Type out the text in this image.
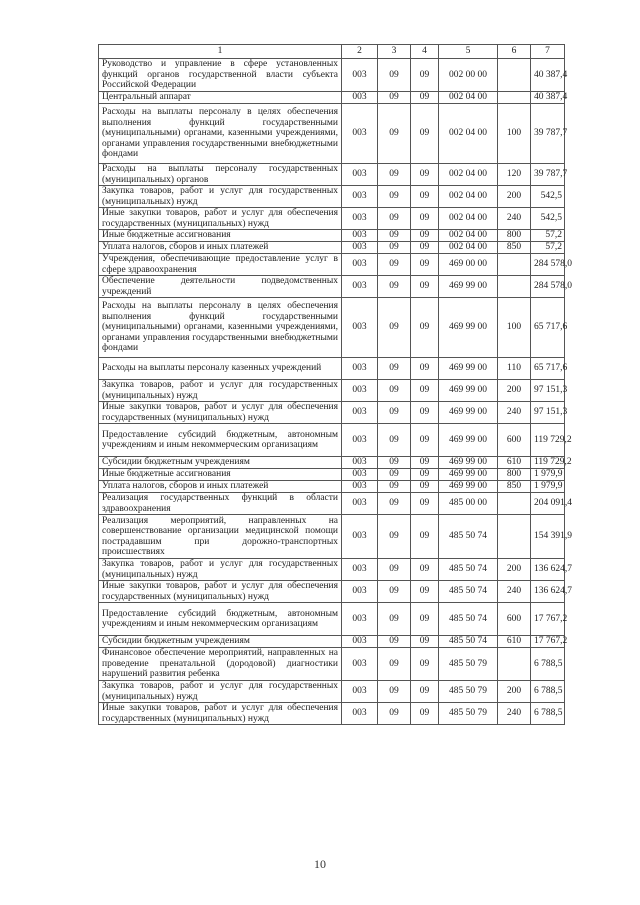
1	2	3	4	5	6	7
Руководство и управление в сфере установленных функций органов государственной власти субъекта Российской Федерации	003	09	09	002 00 00		40 387,4
Центральный аппарат	003	09	09	002 04 00		40 387,4
Расходы на выплаты персоналу в целях обеспечения выполнения функций государственными (муниципальными) органами, казенными учреждениями, органами управления государственными внебюджетными фондами	003	09	09	002 04 00	100	39 787,7
Расходы на выплаты персоналу государственных (муниципальных) органов	003	09	09	002 04 00	120	39 787,7
Закупка товаров, работ и услуг для государственных (муниципальных) нужд	003	09	09	002 04 00	200	542,5
Иные закупки товаров, работ и услуг для обеспечения государственных (муниципальных) нужд	003	09	09	002 04 00	240	542,5
Иные бюджетные ассигнования	003	09	09	002 04 00	800	57,2
Уплата налогов, сборов и иных платежей	003	09	09	002 04 00	850	57,2
Учреждения, обеспечивающие предоставление услуг в сфере здравоохранения	003	09	09	469 00 00		284 578,0
Обеспечение деятельности подведомственных учреждений	003	09	09	469 99 00		284 578,0
Расходы на выплаты персоналу в целях обеспечения выполнения функций государственными (муниципальными) органами, казенными учреждениями, органами управления государственными внебюджетными фондами	003	09	09	469 99 00	100	65 717,6
Расходы на выплаты персоналу казенных учреждений	003	09	09	469 99 00	110	65 717,6
Закупка товаров, работ и услуг для государственных (муниципальных) нужд	003	09	09	469 99 00	200	97 151,3
Иные закупки товаров, работ и услуг для обеспечения государственных (муниципальных) нужд	003	09	09	469 99 00	240	97 151,3
Предоставление субсидий бюджетным, автономным учреждениям и иным некоммерческим организациям	003	09	09	469 99 00	600	119 729,2
Субсидии бюджетным учреждениям	003	09	09	469 99 00	610	119 729,2
Иные бюджетные ассигнования	003	09	09	469 99 00	800	1 979,9
Уплата налогов, сборов и иных платежей	003	09	09	469 99 00	850	1 979,9
Реализация государственных функций в области здравоохранения	003	09	09	485 00 00		204 091,4
Реализация мероприятий, направленных на совершенствование организации медицинской помощи пострадавшим при дорожно-транспортных происшествиях	003	09	09	485 50 74		154 391,9
Закупка товаров, работ и услуг для государственных (муниципальных) нужд	003	09	09	485 50 74	200	136 624,7
Иные закупки товаров, работ и услуг для обеспечения государственных (муниципальных) нужд	003	09	09	485 50 74	240	136 624,7
Предоставление субсидий бюджетным, автономным учреждениям и иным некоммерческим организациям	003	09	09	485 50 74	600	17 767,2
Субсидии бюджетным учреждениям	003	09	09	485 50 74	610	17 767,2
Финансовое обеспечение мероприятий, направленных на проведение пренатальной (дородовой) диагностики нарушений развития ребенка	003	09	09	485 50 79		6 788,5
Закупка товаров, работ и услуг для государственных (муниципальных) нужд	003	09	09	485 50 79	200	6 788,5
Иные закупки товаров, работ и услуг для обеспечения государственных (муниципальных) нужд	003	09	09	485 50 79	240	6 788,5
10
